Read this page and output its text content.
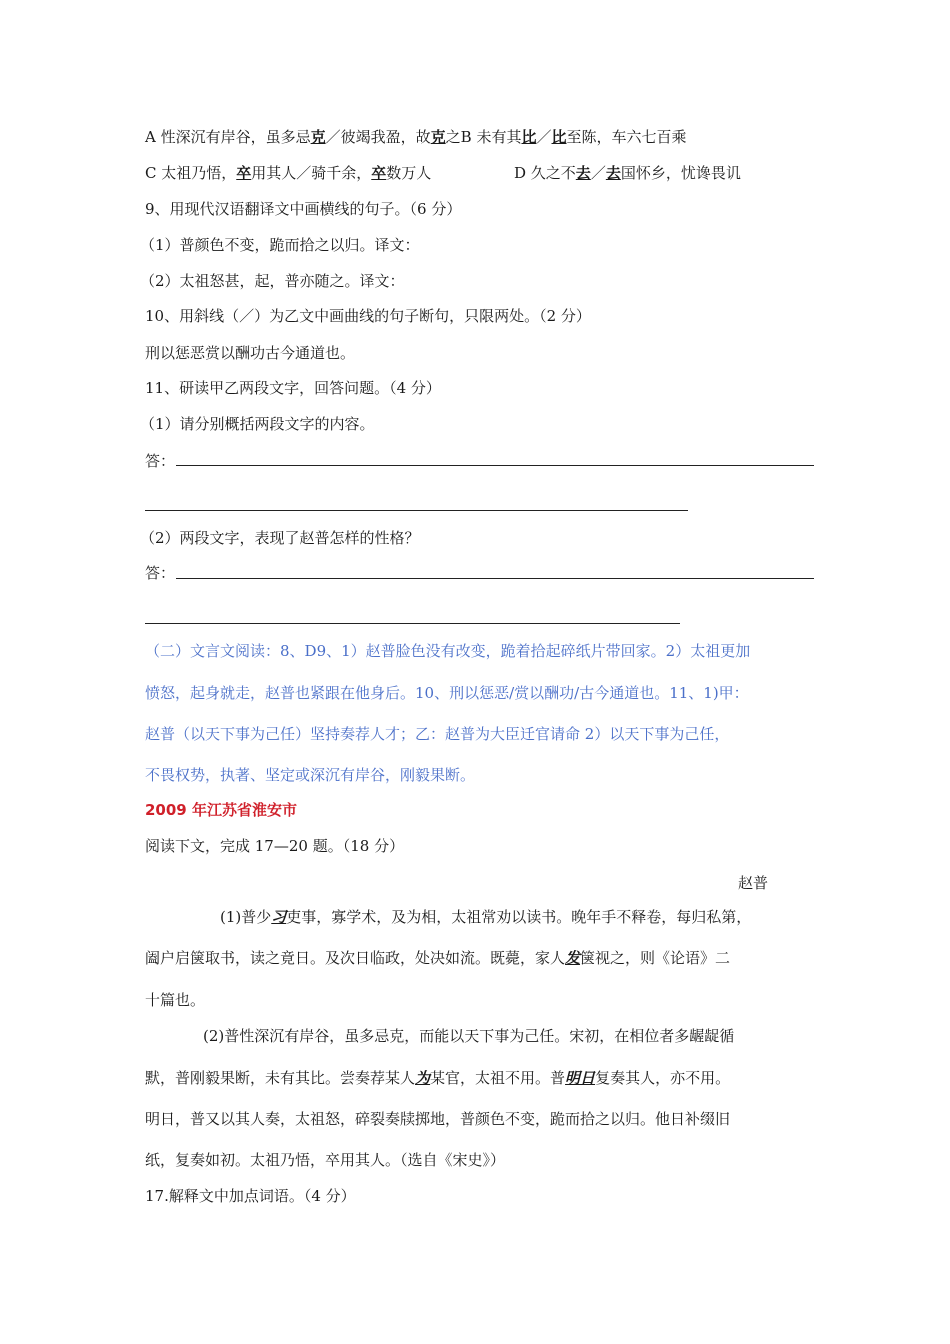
A 性深沉有岸谷，虽多忌克／彼竭我盈，故克之B 未有其比／比至陈，车六七百乘
C 太祖乃悟，卒用其人／骑千余，卒数万人	D 久之不去／去国怀乡，忧谗畏讥
9、用现代汉语翻译文中画横线的句子。（6 分）
（1）普颜色不变，跪而拾之以归。译文：
（2）太祖怒甚，起，普亦随之。译文：
10、用斜线（／）为乙文中画曲线的句子断句，只限两处。（2 分）
刑以惩恶赏以酬功古今通道也。
11、研读甲乙两段文字，回答问题。（4 分）
（1）请分别概括两段文字的内容。
答：
（2）两段文字，表现了赵普怎样的性格？
答：
（二）文言文阅读：8、D9、1）赵普脸色没有改变，跪着拾起碎纸片带回家。2）太祖更加
愤怒，起身就走，赵普也紧跟在他身后。10、刑以惩恶/赏以酬功/古今通道也。11、1)甲：
赵普（以天下事为己任）坚持奏荐人才；乙：赵普为大臣迁官请命 2）以天下事为己任，
不畏权势，执著、坚定或深沉有岸谷，刚毅果断。
2009 年江苏省淮安市
阅读下文，完成 17—20 题。（18 分）
赵普
(1)普少习吏事，寡学术，及为相，太祖常劝以读书。晚年手不释卷，每归私第，
阖户启箧取书，读之竟日。及次日临政，处决如流。既薨，家人发箧视之，则《论语》二
十篇也。
(2)普性深沉有岸谷，虽多忌克，而能以天下事为己任。宋初，在相位者多龌龊循
默，普刚毅果断，未有其比。尝奏荐某人为某官，太祖不用。普明日复奏其人，亦不用。
明日，普又以其人奏，太祖怒，碎裂奏牍掷地，普颜色不变，跪而拾之以归。他日补缀旧
纸，复奏如初。太祖乃悟，卒用其人。（选自《宋史》）
17.解释文中加点词语。（4 分）
